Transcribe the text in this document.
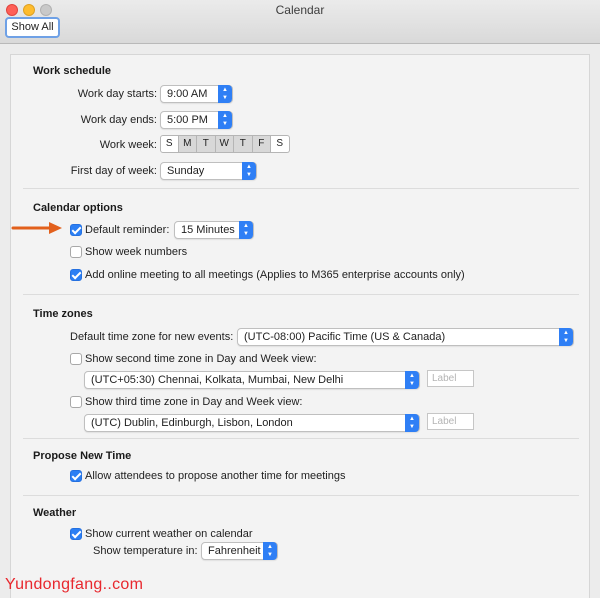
Calendar
Show All
Work schedule
Work day starts: 9:00 AM	▲
▼
Work day ends: 5:00 PM	▲
▼
Work week: S	M	T	W	T	F	S
First day of week: Sunday	▲
▼
Calendar options
Default reminder: 15 Minutes	▲
▼
Show week numbers
Add online meeting to all meetings (Applies to M365 enterprise accounts only)
Time zones
Default time zone for new events: (UTC-08:00) Pacific Time (US & Canada)	▲
▼
Show second time zone in Day and Week view:
(UTC+05:30) Chennai, Kolkata, Mumbai, New Delhi	▲
▼	Label
Show third time zone in Day and Week view:
(UTC) Dublin, Edinburgh, Lisbon, London	▲
▼	Label
Propose New Time
Allow attendees to propose another time for meetings
Weather
Show current weather on calendar
Show temperature in: Fahrenheit	▲
▼
Yundongfang..com
